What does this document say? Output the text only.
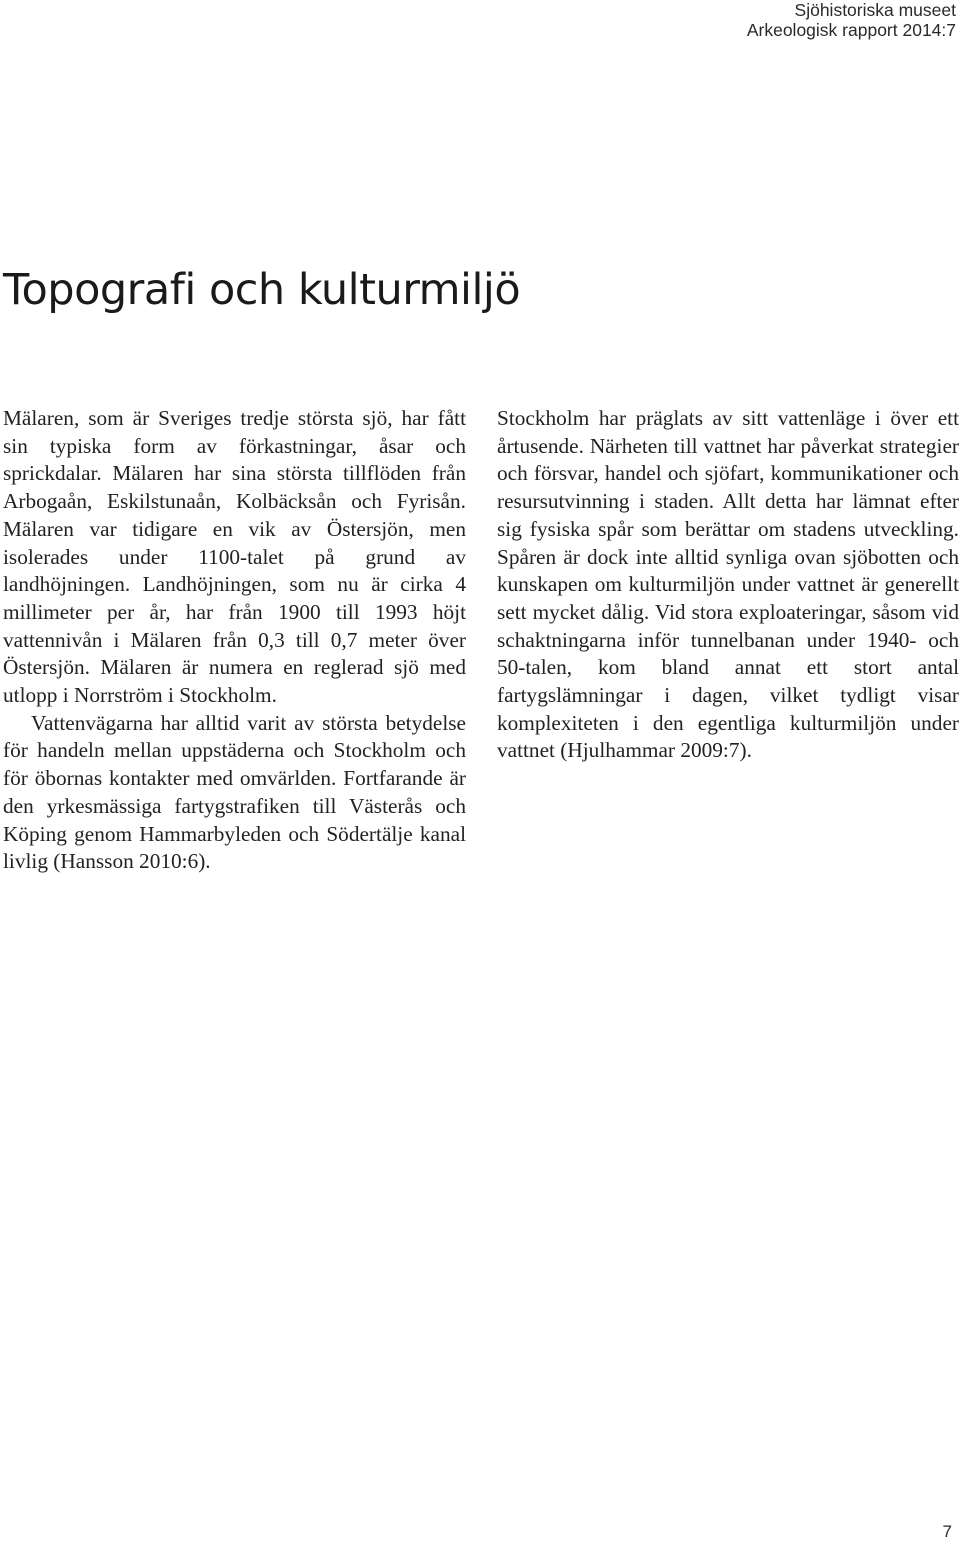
Sjöhistoriska museet
Arkeologisk rapport 2014:7
Topografi och kulturmiljö

Mälaren, som är Sveriges tredje största sjö, har fått sin typiska form av förkastningar, åsar och sprickdalar. Mälaren har sina största tillflöden från Arbogaån, Eskilstunaån, Kolbäcksån och Fyrisån. Mälaren var tidigare en vik av Östersjön, men isolerades under 1100-talet på grund av landhöjningen. Landhöjningen, som nu är cirka 4 millimeter per år, har från 1900 till 1993 höjt vattennivån i Mälaren från 0,3 till 0,7 meter över Östersjön. Mälaren är numera en reglerad sjö med utlopp i Norrström i Stockholm.

Vattenvägarna har alltid varit av största betydelse för handeln mellan uppstäderna och Stockholm och för öbornas kontakter med omvärlden. Fortfarande är den yrkesmässiga fartygstrafiken till Västerås och Köping genom Hammarbyleden och Södertälje kanal livlig (Hansson 2010:6).

Stockholm har präglats av sitt vattenläge i över ett årtusende. Närheten till vattnet har påverkat strategier och försvar, handel och sjöfart, kommunikationer och resursutvinning i staden. Allt detta har lämnat efter sig fysiska spår som berättar om stadens utveckling. Spåren är dock inte alltid synliga ovan sjöbotten och kunskapen om kulturmiljön under vattnet är generellt sett mycket dålig. Vid stora exploateringar, såsom vid schaktningarna inför tunnelbanan under 1940- och 50-talen, kom bland annat ett stort antal fartygslämningar i dagen, vilket tydligt visar komplexiteten i den egentliga kulturmiljön under vattnet (Hjulhammar 2009:7).

7
